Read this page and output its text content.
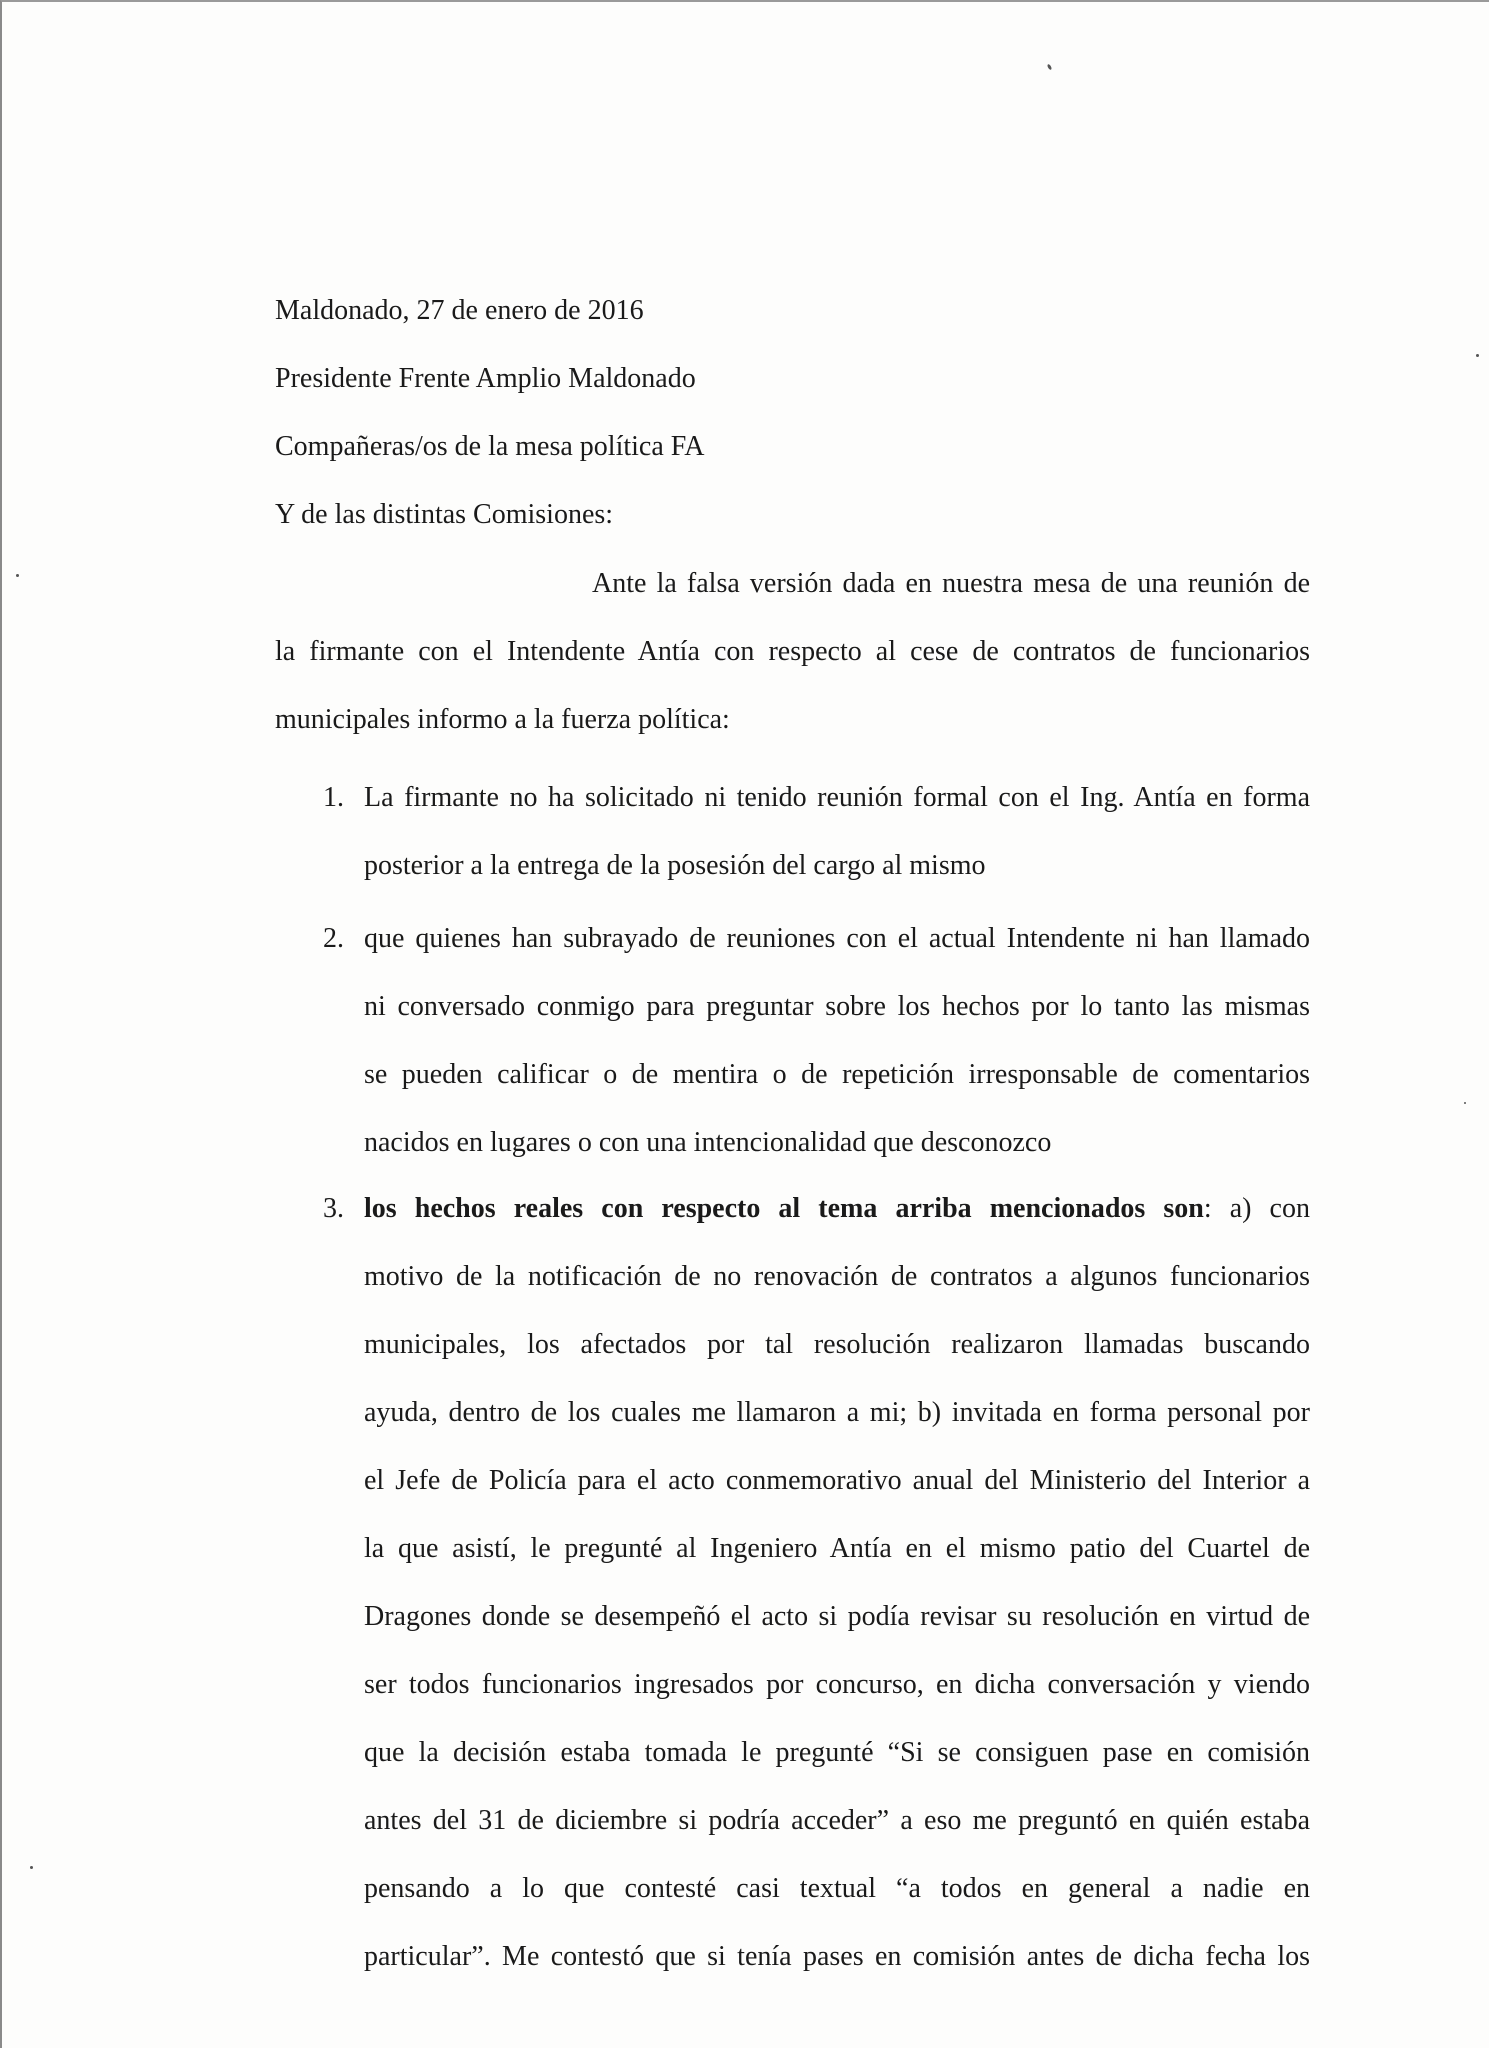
Maldonado, 27 de enero de 2016
Presidente Frente Amplio Maldonado
Compañeras/os de la mesa política FA
Y de las distintas Comisiones:
Ante la falsa versión dada en nuestra mesa de una reunión de
la firmante con el Intendente Antía con respecto al cese de contratos de funcionarios
municipales informo a la fuerza política:
1. La firmante no ha solicitado ni tenido reunión formal con el Ing. Antía en forma
posterior a la entrega de la posesión del cargo al mismo
2. que quienes han subrayado de reuniones con el actual Intendente ni han llamado
ni conversado conmigo para preguntar sobre los hechos por lo tanto las mismas
se pueden calificar o de mentira o de repetición irresponsable de comentarios
nacidos en lugares o con una intencionalidad que desconozco
3. los hechos reales con respecto al tema arriba mencionados son: a) con
motivo de la notificación de no renovación de contratos a algunos funcionarios
municipales, los afectados por tal resolución realizaron llamadas buscando
ayuda, dentro de los cuales me llamaron a mi; b) invitada en forma personal por
el Jefe de Policía para el acto conmemorativo anual del Ministerio del Interior a
la que asistí, le pregunté al Ingeniero Antía en el mismo patio del Cuartel de
Dragones donde se desempeñó el acto si podía revisar su resolución en virtud de
ser todos funcionarios ingresados por concurso, en dicha conversación y viendo
que la decisión estaba tomada le pregunté “Si se consiguen pase en comisión
antes del 31 de diciembre si podría acceder” a eso me preguntó en quién estaba
pensando a lo que contesté casi textual “a todos en general a nadie en
particular”. Me contestó que si tenía pases en comisión antes de dicha fecha los
